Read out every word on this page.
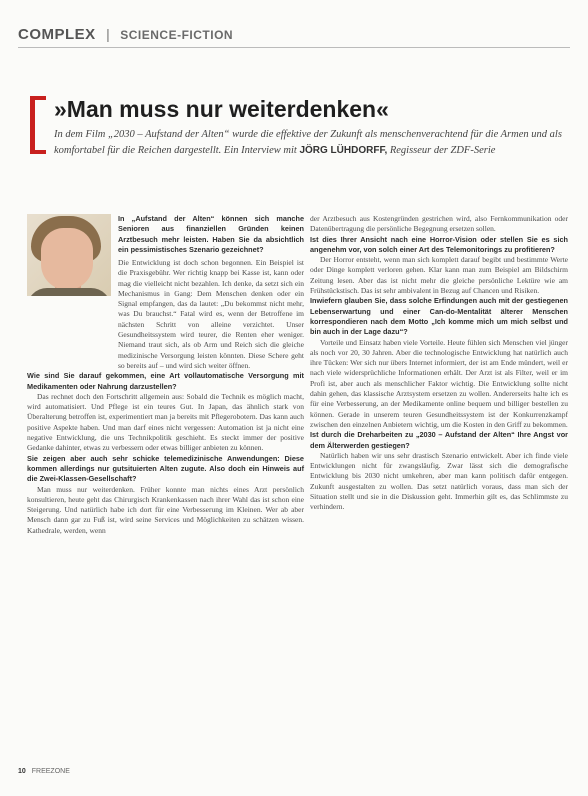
COMPLEX | SCIENCE-FICTION
»Man muss nur weiterdenken«

In dem Film „2030 – Aufstand der Alten“ wurde die effektive der Zukunft als menschenverachtend für die Armen und als komfortabel für die Reichen dargestellt. Ein Interview mit JÖRG LÜHDORFF, Regisseur der ZDF-Serie

In „Aufstand der Alten“ können sich manche Senioren aus finanziellen Gründen keinen Arztbesuch mehr leisten. Haben Sie da absichtlich ein pessimistisches Szenario gezeichnet?

Die Entwicklung ist doch schon begonnen. Ein Beispiel ist die Praxisgebühr. Wer richtig knapp bei Kasse ist, kann oder mag die vielleicht nicht bezahlen. Ich denke, da setzt sich ein Mechanismus in Gang: Dem Menschen denken oder ein Signal empfangen, das da lautet: „Du bekommst nicht mehr, was Du brauchst.“ Fatal wird es, wenn der Betroffene im nächsten Schritt von alleine verzichtet. Unser Gesundheitssystem wird teurer, die Renten eher weniger. Niemand traut sich, als ob Arm und Reich sich die gleiche medizinische Versorgung leisten könnten. Diese Schere geht so bereits auf – und wird sich weiter öffnen.

Wie sind Sie darauf gekommen, eine Art vollautomatische Versorgung mit Medikamenten oder Nahrung darzustellen?

Das rechnet doch den Fortschritt allgemein aus: Sobald die Technik es möglich macht, wird automatisiert. Und Pflege ist ein teures Gut. In Japan, das ähnlich stark von Überalterung betroffen ist, experimentiert man ja bereits mit Pflegerobotern. Das kann auch positive Aspekte haben. Und man darf eines nicht vergessen: Automation ist ja nicht eine negative Entwicklung, die uns Technikpolitik geschieht. Es steckt immer der positive Gedanke dahinter, etwas zu verbessern oder etwas billiger anbieten zu können.

Sie zeigen aber auch sehr schicke telemedizinische Anwendungen: Diese kommen allerdings nur gutsituierten Alten zugute. Also doch ein Hinweis auf die Zwei-Klassen-Gesellschaft?

Man muss nur weiterdenken. Früher konnte man nichts eines Arzt persönlich konsultieren, heute geht das Chirurgisch Krankenkassen nach ihrer Wahl das ist schon eine Steigerung. Und natürlich habe ich dort für eine Verbesserung im Kleinen. Wer ab aber Mensch dann gar zu Fuß ist, wird seine Services und Möglichkeiten zu schätzen wissen. Kathedrale, werden, wenn

der Arztbesuch aus Kostengründen gestrichen wird, also Fernkommunikation oder Datenübertragung die persönliche Begegnung ersetzen sollen.

Ist dies Ihrer Ansicht nach eine Horror-Vision oder stellen Sie es sich angenehm vor, von solch einer Art des Telemonitorings zu profitieren?

Der Horror entsteht, wenn man sich komplett darauf begibt und bestimmte Werte oder Dinge komplett verloren gehen. Klar kann man zum Beispiel am Bildschirm Zeitung lesen. Aber das ist nicht mehr die gleiche persönliche Lektüre wie am Frühstückstisch. Das ist sehr ambivalent in Bezug auf Chancen und Risiken.

Inwiefern glauben Sie, dass solche Erfindungen auch mit der gestiegenen Lebenserwartung und einer Can-do-Mentalität älterer Menschen korrespondieren nach dem Motto „Ich komme mich um mich selbst und bin auch in der Lage dazu“?

Vorteile und Einsatz haben viele Vorteile. Heute fühlen sich Menschen viel jünger als noch vor 20, 30 Jahren. Aber die technologische Entwicklung hat natürlich auch ihre Tücken: Wer sich nur übers Internet informiert, der ist am Ende mündert, weil er nach viele widersprüchliche Informationen erhält. Der Arzt ist als Filter, weil er im Profi ist, aber auch als menschlicher Faktor wichtig. Die Entwicklung sollte nicht dahin gehen, das klassische Arztsystem ersetzen zu wollen. Andererseits halte ich es für eine Verbesserung, an der Medikamente online bequem und billiger bestellen zu können. Gerade in unserem teuren Gesundheitssystem ist der Konkurrenzkampf zwischen den einzelnen Anbietern wichtig, um die Kosten in den Griff zu bekommen.

Ist durch die Dreharbeiten zu „2030 – Aufstand der Alten“ Ihre Angst vor dem Älterwerden gestiegen?

Natürlich haben wir uns sehr drastisch Szenario entwickelt. Aber ich finde viele Entwicklungen nicht für zwangsläufig. Zwar lässt sich die demografische Entwicklung bis 2030 nicht umkehren, aber man kann politisch dafür entgegen. Zukunft ausgestalten zu wollen. Das setzt natürlich voraus, dass man sich der Situation stellt und sie in die Diskussion geht. Immerhin gilt es, das Schlimmste zu verhindern.

10 FREEZONE
